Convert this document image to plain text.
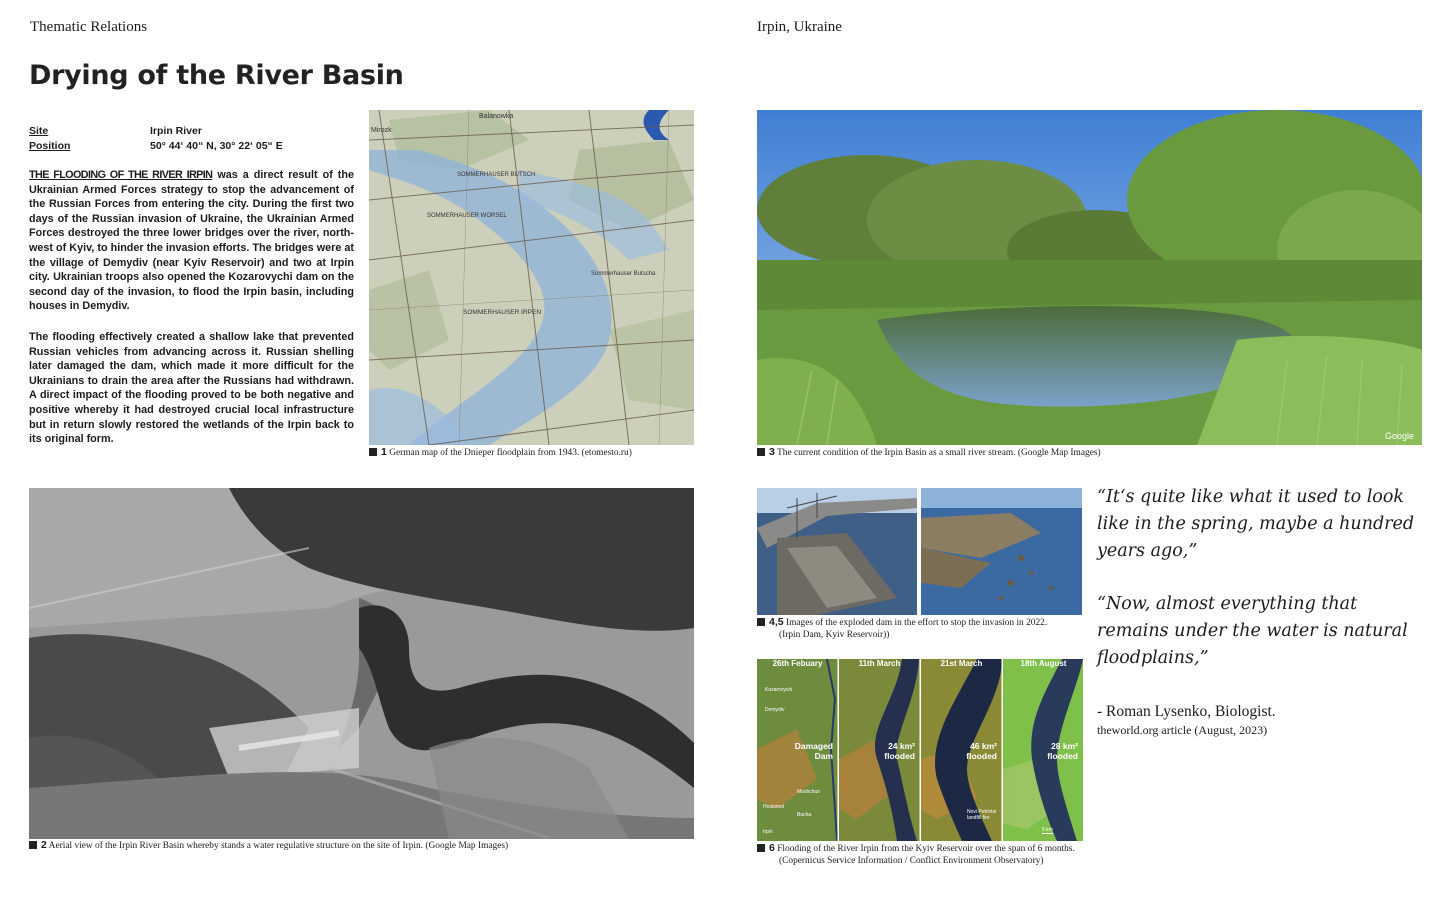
Thematic Relations	Irpin, Ukraine
Drying of the River Basin
Site	Irpin River
Position	50° 44‘ 40“ N, 30° 22‘ 05“ E

THE FLOODING OF THE RIVER IRPIN was a direct result of the Ukrainian Armed Forces strategy to stop the advancement of the Russian Forces from entering the city. During the first two days of the Russian invasion of Ukraine, the Ukrainian Armed Forces destroyed the three lower bridges over the river, north-west of Kyiv, to hinder the invasion efforts. The bridges were at the village of Demydiv (near Kyiv Reservoir) and two at Irpin city. Ukrainian troops also opened the Kozarovychi dam on the second day of the invasion, to flood the Irpin basin, including houses in Demydiv.

The flooding effectively created a shallow lake that prevented Russian vehicles from advancing across it. Russian shelling later damaged the dam, which made it more difficult for the Ukrainians to drain the area after the Russians had withdrawn. A direct impact of the flooding proved to be both negative and positive whereby it had destroyed crucial local infrastructure but in return slowly restored the wetlands of the Irpin back to its original form.

Balanowka
Mirozk
SOMMERHAUSER BUTSCH
SOMMERHAUSER WORSEL
SOMMERHAUSER IRPEN
Sommerhauser Butscha
1 German map of the Dnieper floodplain from 1943. (etomesto.ru)
2 Aerial view of the Irpin River Basin whereby stands a water regulative structure on the site of Irpin. (Google Map Images)
Google
3 The current condition of the Irpin Basin as a small river stream. (Google Map Images)
4,5 Images of the exploded dam in the effort to stop the invasion in 2022.
(Irpin Dam, Kyiv Reservoir))
26th Febuary	11th March	21st March	18th August
Damaged Dam
24 km² flooded
46 km² flooded
28 km² flooded
Kozarovychi
Demydiv
Moshchun
Hostomel
Bucha
Irpin
Novi Petrivtsi landfill fire
5 km
6 Flooding of the River Irpin from the Kyiv Reservoir over the span of 6 months.
(Copernicus Service Information / Conflict Environment Observatory)

“It‘s quite like what it used to look like in the spring, maybe a hundred years ago,”

“Now, almost everything that remains under the water is natural floodplains,”

- Roman Lysenko, Biologist.
theworld.org article (August, 2023)
